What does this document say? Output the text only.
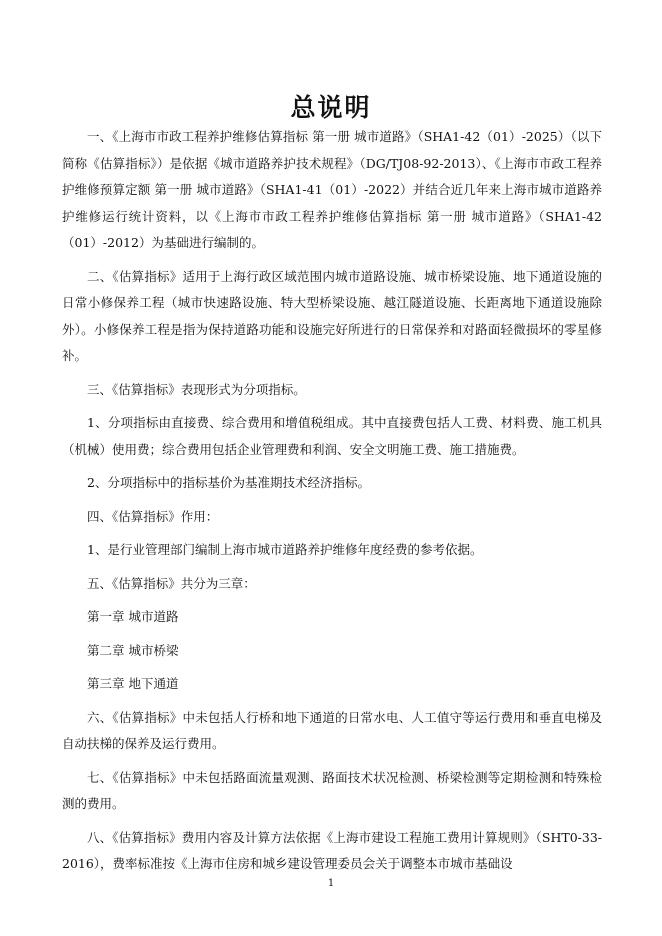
总说明

一、《上海市市政工程养护维修估算指标 第一册 城市道路》（SHA1-42（01）-2025）（以下简称《估算指标》）是依据《城市道路养护技术规程》（DG/TJ08-92-2013）、《上海市市政工程养护维修预算定额 第一册 城市道路》（SHA1-41（01）-2022）并结合近几年来上海市城市道路养护维修运行统计资料，以《上海市市政工程养护维修估算指标 第一册 城市道路》（SHA1-42（01）-2012）为基础进行编制的。

二、《估算指标》适用于上海行政区域范围内城市道路设施、城市桥梁设施、地下通道设施的日常小修保养工程（城市快速路设施、特大型桥梁设施、越江隧道设施、长距离地下通道设施除外）。小修保养工程是指为保持道路功能和设施完好所进行的日常保养和对路面轻微损坏的零星修补。

三、《估算指标》表现形式为分项指标。

1、分项指标由直接费、综合费用和增值税组成。其中直接费包括人工费、材料费、施工机具（机械）使用费；综合费用包括企业管理费和利润、安全文明施工费、施工措施费。

2、分项指标中的指标基价为基准期技术经济指标。

四、《估算指标》作用：

1、是行业管理部门编制上海市城市道路养护维修年度经费的参考依据。

五、《估算指标》共分为三章：

第一章 城市道路

第二章 城市桥梁

第三章 地下通道

六、《估算指标》中未包括人行桥和地下通道的日常水电、人工值守等运行费用和垂直电梯及自动扶梯的保养及运行费用。

七、《估算指标》中未包括路面流量观测、路面技术状况检测、桥梁检测等定期检测和特殊检测的费用。

八、《估算指标》费用内容及计算方法依据《上海市建设工程施工费用计算规则》（SHT0-33-2016），费率标准按《上海市住房和城乡建设管理委员会关于调整本市城市基础设

1
